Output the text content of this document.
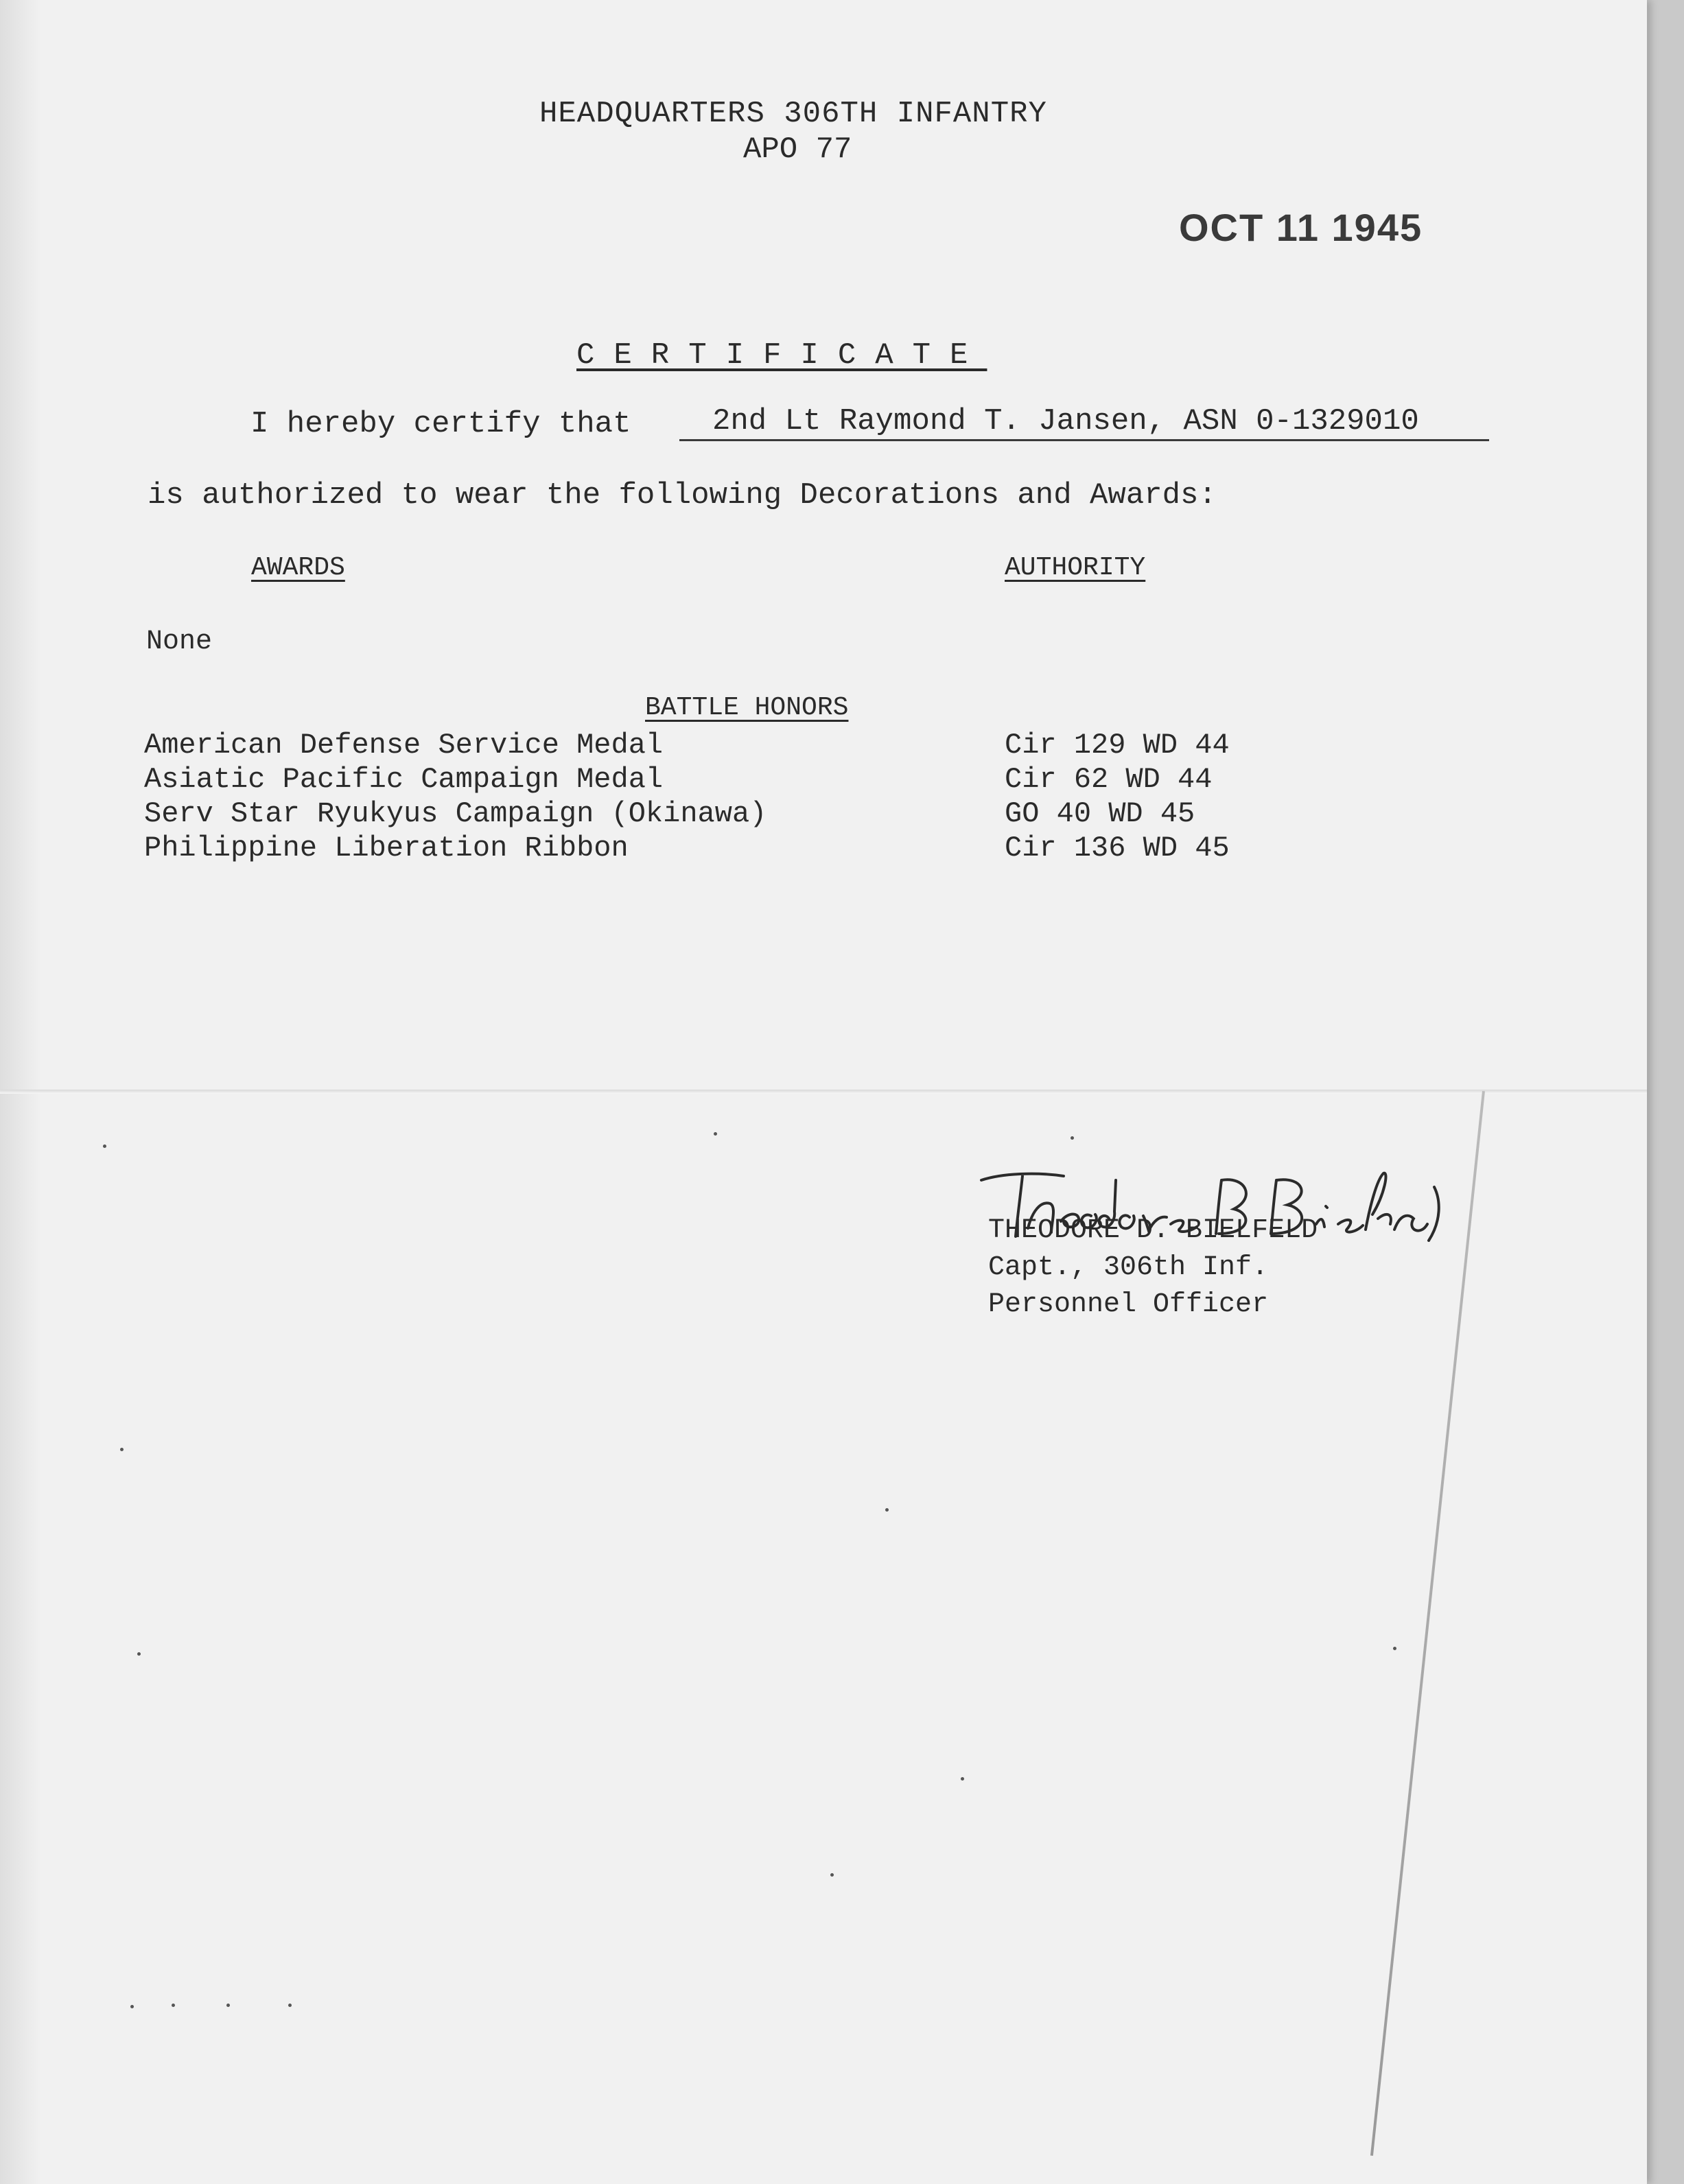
HEADQUARTERS 306TH INFANTRY
APO 77
OCT 11 1945
CERTIFICATE
I hereby certify that	2nd Lt Raymond T. Jansen, ASN 0-1329010
is authorized to wear the following Decorations and Awards:
AWARDS	AUTHORITY
None
BATTLE HONORS
American Defense Service Medal	Cir 129 WD 44
Asiatic Pacific Campaign Medal	Cir 62 WD 44
Serv Star Ryukyus Campaign (Okinawa)	GO 40 WD 45
Philippine Liberation Ribbon	Cir 136 WD 45
THEODORE D. BIELFELD
Capt., 306th Inf.
Personnel Officer
